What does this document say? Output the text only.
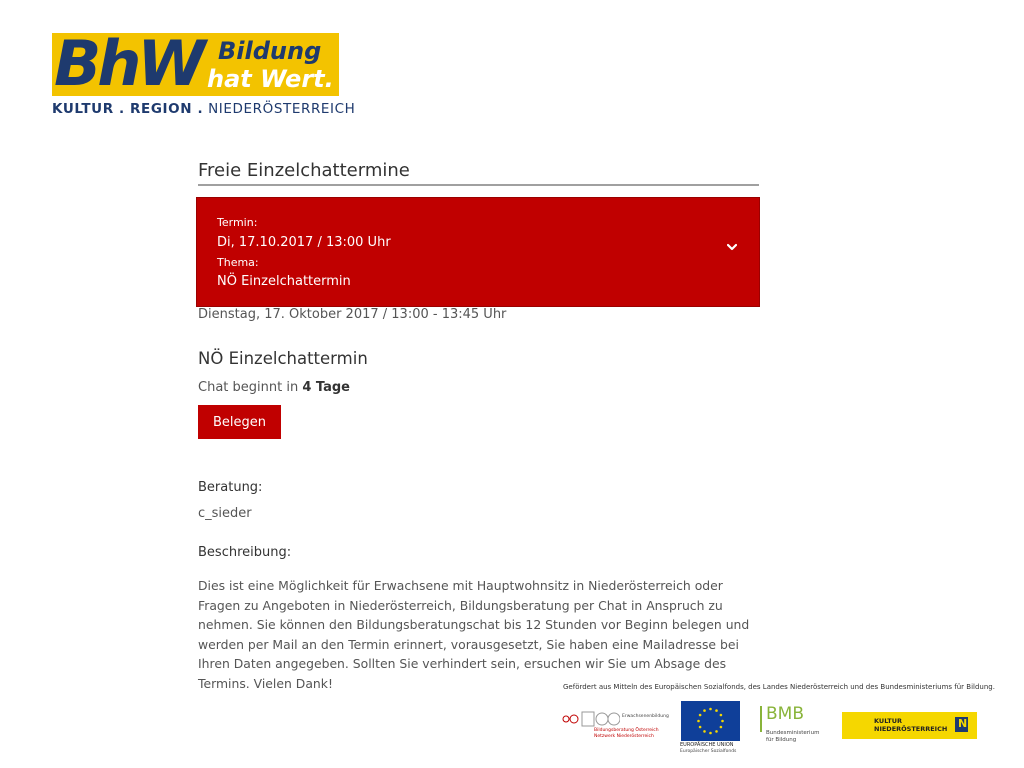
BhW Bildung
hat Wert.
KULTUR . REGION . NIEDERÖSTERREICH
Freie Einzelchattermine
Termin:
Di, 17.10.2017 / 13:00 Uhr
Thema:
NÖ Einzelchattermin
Dienstag, 17. Oktober 2017 / 13:00 - 13:45 Uhr
NÖ Einzelchattermin
Chat beginnt in 4 Tage
Belegen
Beratung:
c_sieder
Beschreibung:
Dies ist eine Möglichkeit für Erwachsene mit Hauptwohnsitz in Niederösterreich oder Fragen zu Angeboten in Niederösterreich, Bildungsberatung per Chat in Anspruch zu nehmen. Sie können den Bildungsberatungschat bis 12 Stunden vor Beginn belegen und werden per Mail an den Termin erinnert, vorausgesetzt, Sie haben eine Mailadresse bei Ihren Daten angegeben. Sollten Sie verhindert sein, ersuchen wir Sie um Absage des Termins. Vielen Dank!	Gefördert aus Mitteln des Europäischen Sozialfonds, des Landes Niederösterreich und des Bundesministeriums für Bildung.
Erwachsenenbildung
Bildungsberatung Österreich
Netzwerk Niederösterreich
EUROPÄISCHE UNION
Europäischer Sozialfonds
BMB
Bundesministerium
für Bildung
KULTUR
NIEDERÖSTERREICH N
